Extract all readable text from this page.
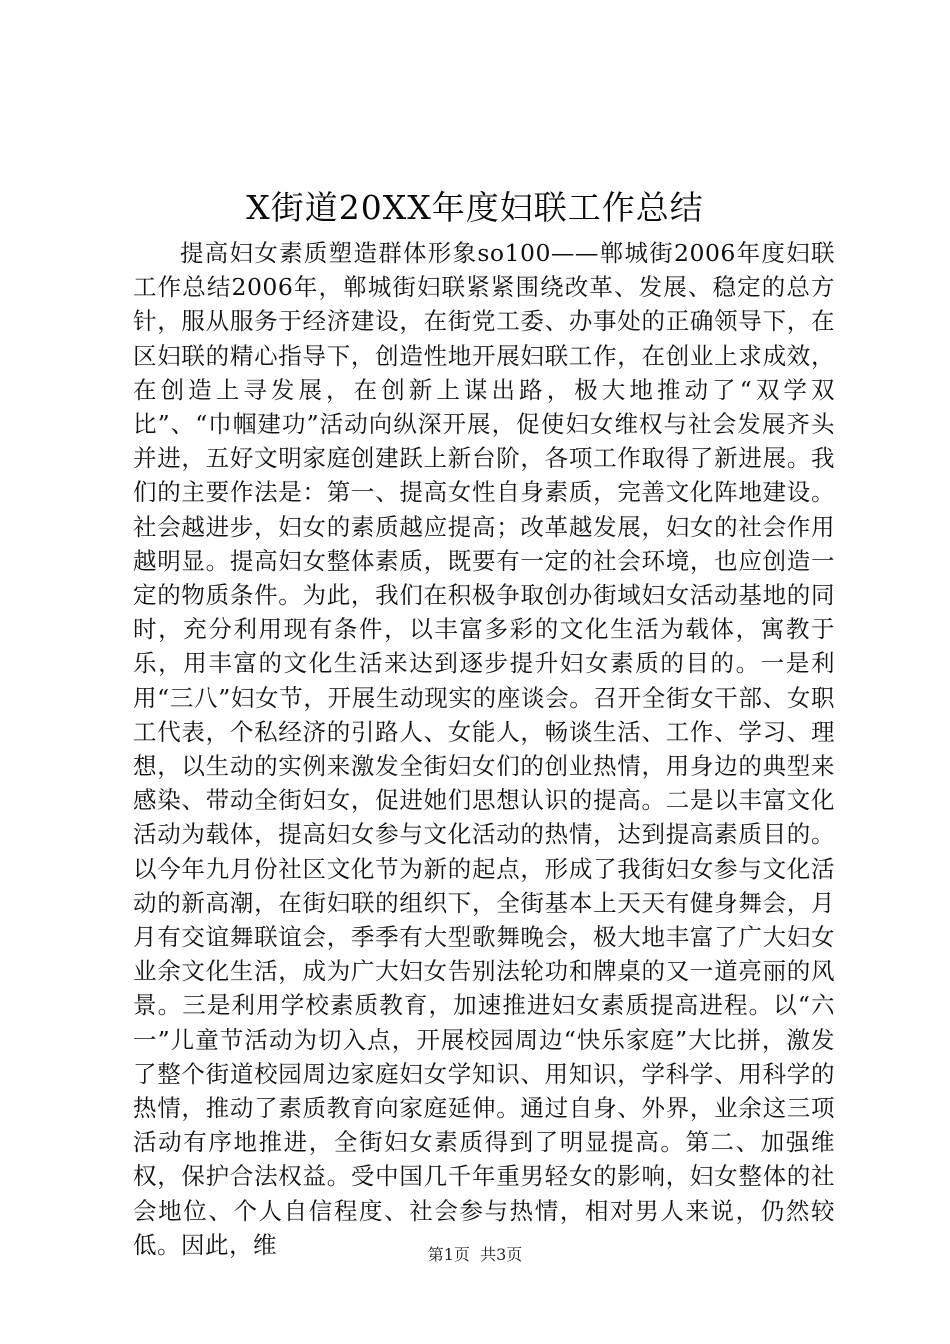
X街道20XX年度妇联工作总结

提高妇女素质塑造群体形象so100——郸城街2006年度妇联工作总结2006年，郸城街妇联紧紧围绕改革、发展、稳定的总方针，服从服务于经济建设，在街党工委、办事处的正确领导下，在区妇联的精心指导下，创造性地开展妇联工作，在创业上求成效，在创造上寻发展，在创新上谋出路，极大地推动了“双学双比”、“巾帼建功”活动向纵深开展，促使妇女维权与社会发展齐头并进，五好文明家庭创建跃上新台阶，各项工作取得了新进展。我们的主要作法是：第一、提高女性自身素质，完善文化阵地建设。社会越进步，妇女的素质越应提高；改革越发展，妇女的社会作用越明显。提高妇女整体素质，既要有一定的社会环境，也应创造一定的物质条件。为此，我们在积极争取创办街域妇女活动基地的同时，充分利用现有条件，以丰富多彩的文化生活为载体，寓教于乐，用丰富的文化生活来达到逐步提升妇女素质的目的。一是利用“三八”妇女节，开展生动现实的座谈会。召开全街女干部、女职工代表，个私经济的引路人、女能人，畅谈生活、工作、学习、理想，以生动的实例来激发全街妇女们的创业热情，用身边的典型来感染、带动全街妇女，促进她们思想认识的提高。二是以丰富文化活动为载体，提高妇女参与文化活动的热情，达到提高素质目的。以今年九月份社区文化节为新的起点，形成了我街妇女参与文化活动的新高潮，在街妇联的组织下，全街基本上天天有健身舞会，月月有交谊舞联谊会，季季有大型歌舞晚会，极大地丰富了广大妇女业余文化生活，成为广大妇女告别法轮功和牌桌的又一道亮丽的风景。三是利用学校素质教育，加速推进妇女素质提高进程。以“六一”儿童节活动为切入点，开展校园周边“快乐家庭”大比拼，激发了整个街道校园周边家庭妇女学知识、用知识，学科学、用科学的热情，推动了素质教育向家庭延伸。通过自身、外界，业余这三项活动有序地推进，全街妇女素质得到了明显提高。第二、加强维权，保护合法权益。受中国几千年重男轻女的影响，妇女整体的社会地位、个人自信程度、社会参与热情，相对男人来说，仍然较低。因此，维	第1页  共3页
